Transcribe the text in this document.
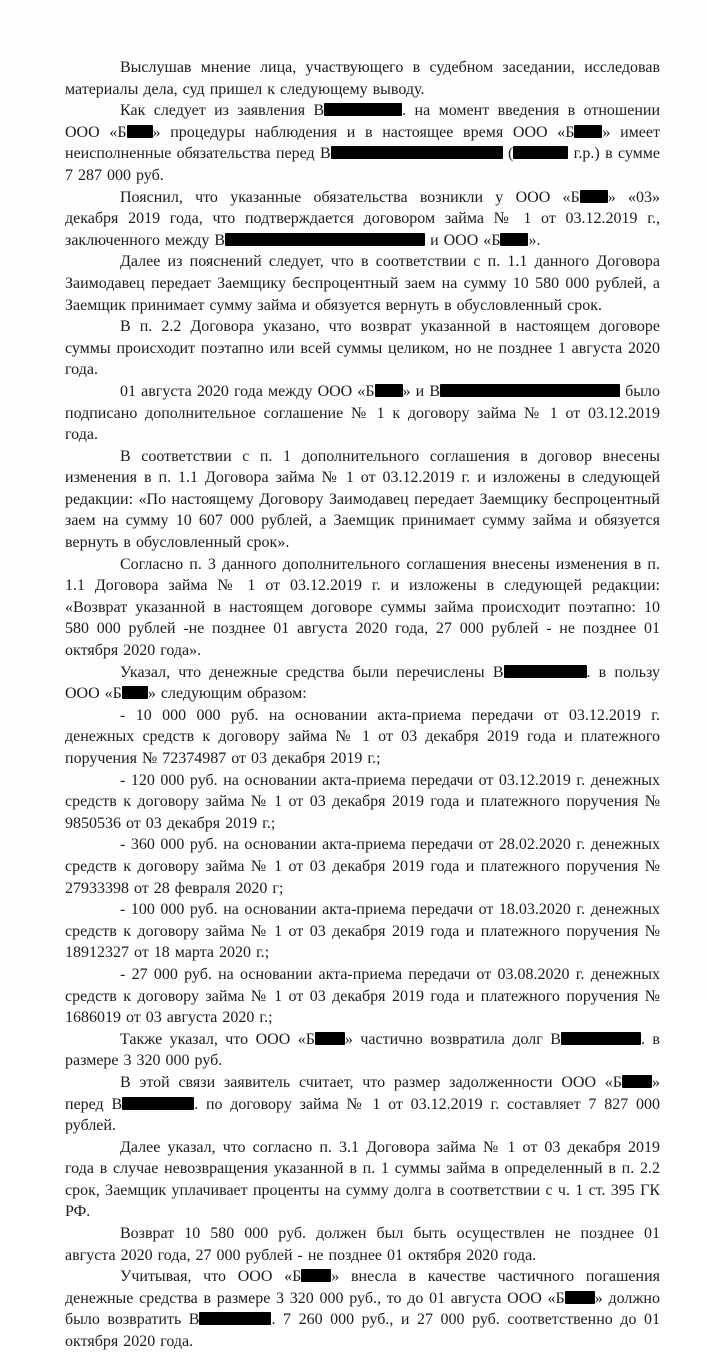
Выслушав мнение лица, участвующего в судебном заседании, исследовав материалы дела, суд пришел к следующему выводу.

Как следует из заявления В	. на момент введения в отношении ООО «Б » процедуры наблюдения и в настоящее время ООО «Б » имеет неисполненные обязательства перед В	(	г.р.) в сумме 7 287 000 руб.

Пояснил, что указанные обязательства возникли у ООО «Б » «03» декабря 2019 года, что подтверждается договором займа № 1 от 03.12.2019 г., заключенного между В	и ООО «Б ».

Далее из пояснений следует, что в соответствии с п. 1.1 данного Договора Заимодавец передает Заемщику беспроцентный заем на сумму 10 580 000 рублей, а Заемщик принимает сумму займа и обязуется вернуть в обусловленный срок.

В п. 2.2 Договора указано, что возврат указанной в настоящем договоре суммы происходит поэтапно или всей суммы целиком, но не позднее 1 августа 2020 года.

01 августа 2020 года между ООО «Б » и В	было подписано дополнительное соглашение № 1 к договору займа № 1 от 03.12.2019 года.

В соответствии с п. 1 дополнительного соглашения в договор внесены изменения в п. 1.1 Договора займа № 1 от 03.12.2019 г. и изложены в следующей редакции: «По настоящему Договору Заимодавец передает Заемщику беспроцентный заем на сумму 10 607 000 рублей, а Заемщик принимает сумму займа и обязуется вернуть в обусловленный срок».

Согласно п. 3 данного дополнительного соглашения внесены изменения в п. 1.1 Договора займа № 1 от 03.12.2019 г. и изложены в следующей редакции: «Возврат указанной в настоящем договоре суммы займа происходит поэтапно: 10 580 000 рублей -не позднее 01 августа 2020 года, 27 000 рублей - не позднее 01 октября 2020 года».

Указал, что денежные средства были перечислены В	. в пользу ООО «Б » следующим образом:

- 10 000 000 руб. на основании акта-приема передачи от 03.12.2019 г. денежных средств к договору займа № 1 от 03 декабря 2019 года и платежного поручения № 72374987 от 03 декабря 2019 г.;

- 120 000 руб. на основании акта-приема передачи от 03.12.2019 г. денежных средств к договору займа № 1 от 03 декабря 2019 года и платежного поручения № 9850536 от 03 декабря 2019 г.;

- 360 000 руб. на основании акта-приема передачи от 28.02.2020 г. денежных средств к договору займа № 1 от 03 декабря 2019 года и платежного поручения № 27933398 от 28 февраля 2020 г;

- 100 000 руб. на основании акта-приема передачи от 18.03.2020 г. денежных средств к договору займа № 1 от 03 декабря 2019 года и платежного поручения № 18912327 от 18 марта 2020 г.;

- 27 000 руб. на основании акта-приема передачи от 03.08.2020 г. денежных средств к договору займа № 1 от 03 декабря 2019 года и платежного поручения № 1686019 от 03 августа 2020 г.;

Также указал, что ООО «Б » частично возвратила долг В	. в размере 3 320 000 руб.

В этой связи заявитель считает, что размер задолженности ООО «Б » перед В	. по договору займа № 1 от 03.12.2019 г. составляет 7 827 000 рублей.

Далее указал, что согласно п. 3.1 Договора займа № 1 от 03 декабря 2019 года в случае невозвращения указанной в п. 1 суммы займа в определенный в п. 2.2 срок, Заемщик уплачивает проценты на сумму долга в соответствии с ч. 1 ст. 395 ГК РФ.

Возврат 10 580 000 руб. должен был быть осуществлен не позднее 01 августа 2020 года, 27 000 рублей - не позднее 01 октября 2020 года.

Учитывая, что ООО «Б » внесла в качестве частичного погашения денежные средства в размере 3 320 000 руб., то до 01 августа ООО «Б » должно было возвратить В	. 7 260 000 руб., и 27 000 руб. соответственно до 01 октября 2020 года.
